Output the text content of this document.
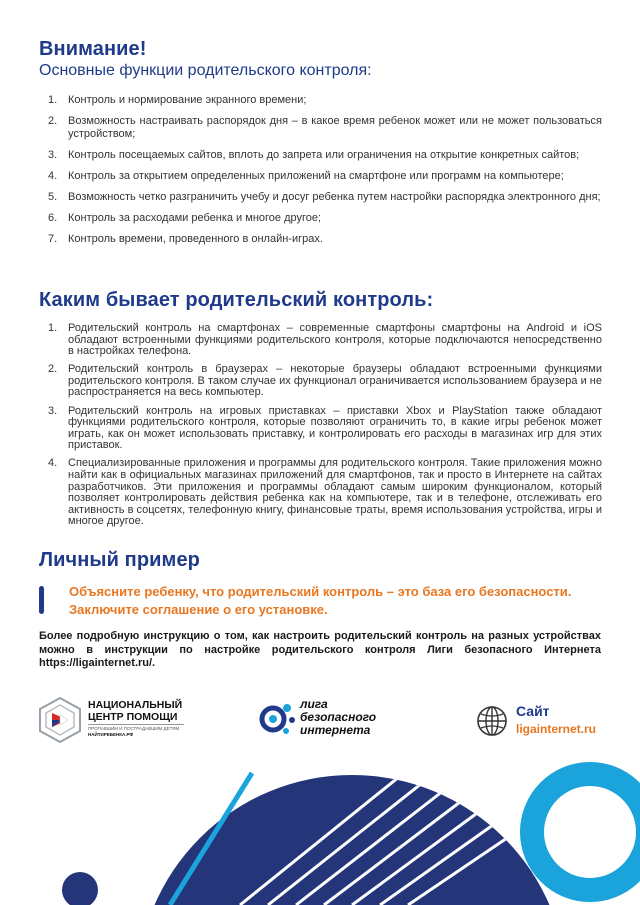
Внимание!

Основные функции родительского контроля:

1. Контроль и нормирование экранного времени;
2. Возможность настраивать распорядок дня – в какое время ребенок может или не может пользоваться устройством;
3. Контроль посещаемых сайтов, вплоть до запрета или ограничения на открытие конкретных сайтов;
4. Контроль за открытием определенных приложений на смартфоне или программ на компьютере;
5. Возможность четко разграничить учебу и досуг ребенка путем настройки распорядка электронного дня;
6. Контроль за расходами ребенка и многое другое;
7. Контроль времени, проведенного в онлайн-играх.
Каким бывает родительский контроль:
1. Родительский контроль на смартфонах – современные смартфоны смартфоны на Android и iOS обладают встроенными функциями родительского контроля, которые подключаются непосредственно в настройках телефона.
2. Родительский контроль в браузерах – некоторые браузеры обладают встроенными функциями родительского контроля. В таком случае их функционал ограничивается использованием браузера и не распространяется на весь компьютер.
3. Родительский контроль на игровых приставках – приставки Xbox и PlayStation также обладают функциями родительского контроля, которые позволяют ограничить то, в какие игры ребенок может играть, как он может использовать приставку, и контролировать его расходы в магазинах игр для этих приставок.
4. Специализированные приложения и программы для родительского контроля. Такие приложения можно найти как в официальных магазинах приложений для смартфонов, так и просто в Интернете на сайтах разработчиков. Эти приложения и программы обладают самым широким функционалом, который позволяет контролировать действия ребенка как на компьютере, так и в телефоне, отслеживать его активность в соцсетях, телефонную книгу, финансовые траты, время использования устройства, игры и многое другое.
Личный пример

Объясните ребенку, что родительский контроль – это база его безопасности. Заключите соглашение о его установке.

Более подробную инструкцию о том, как настроить родительский контроль на разных устройствах можно в инструкции по настройке родительского контроля Лиги безопасного Интернета https://ligainternet.ru/.

НАЦИОНАЛЬНЫЙ
ЦЕНТР ПОМОЩИ
ПРОПАВШИМ И ПОСТРАДАВШИМ ДЕТЯМ
НАЙТИРЕБЕНКА.РФ
лига
безопасного
интернета
Сайт
ligainternet.ru
